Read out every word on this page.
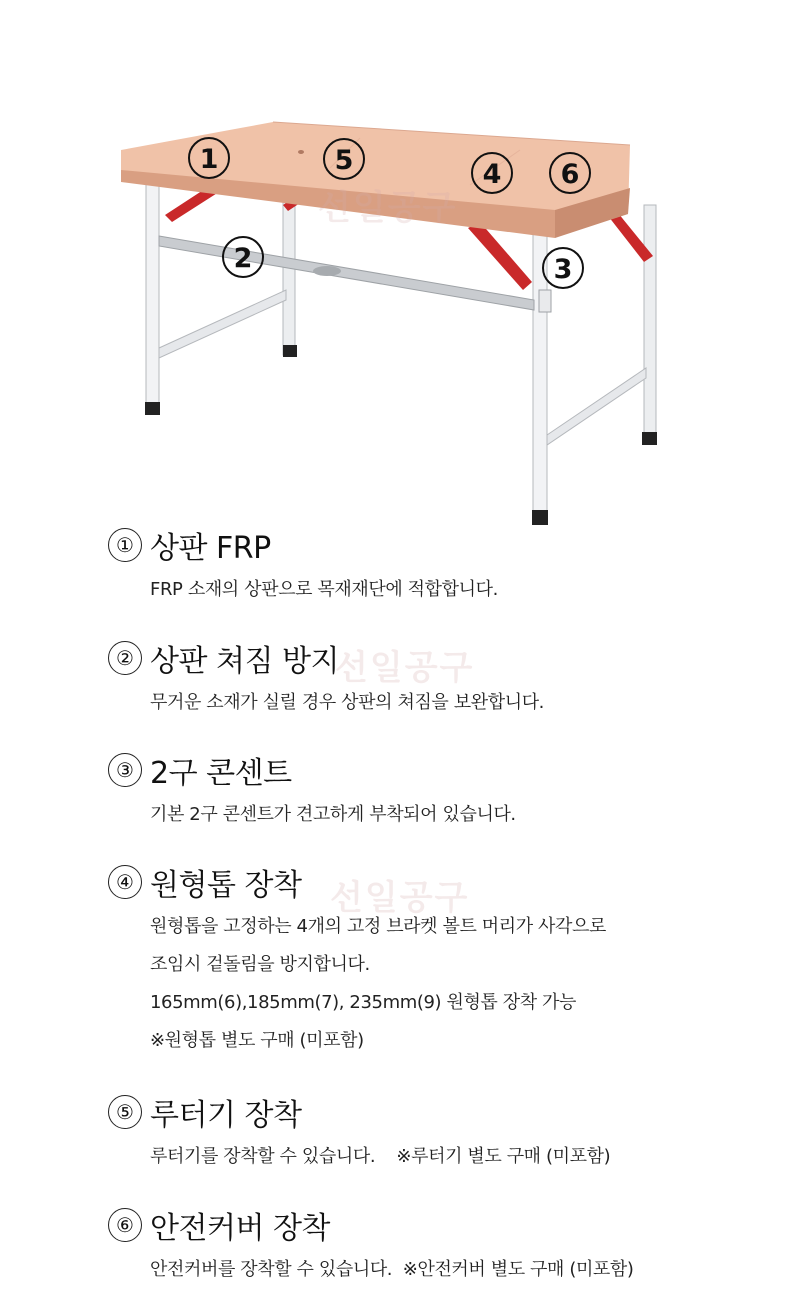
1	5	4 6
2	3
선일공구
선일공구
선일공구
① 상판 FRP

FRP 소재의 상판으로 목재재단에 적합합니다.

② 상판 쳐짐 방지

무거운 소재가 실릴 경우 상판의 쳐짐을 보완합니다.

③ 2구 콘센트

기본 2구 콘센트가 견고하게 부착되어 있습니다.

④ 원형톱 장착

원형톱을 고정하는 4개의 고정 브라켓 볼트 머리가 사각으로

조임시 겉돌림을 방지합니다.

165mm(6),185mm(7), 235mm(9) 원형톱 장착 가능

※원형톱 별도 구매 (미포함)

⑤ 루터기 장착

루터기를 장착할 수 있습니다.    ※루터기 별도 구매 (미포함)

⑥ 안전커버 장착

안전커버를 장착할 수 있습니다.  ※안전커버 별도 구매 (미포함)
